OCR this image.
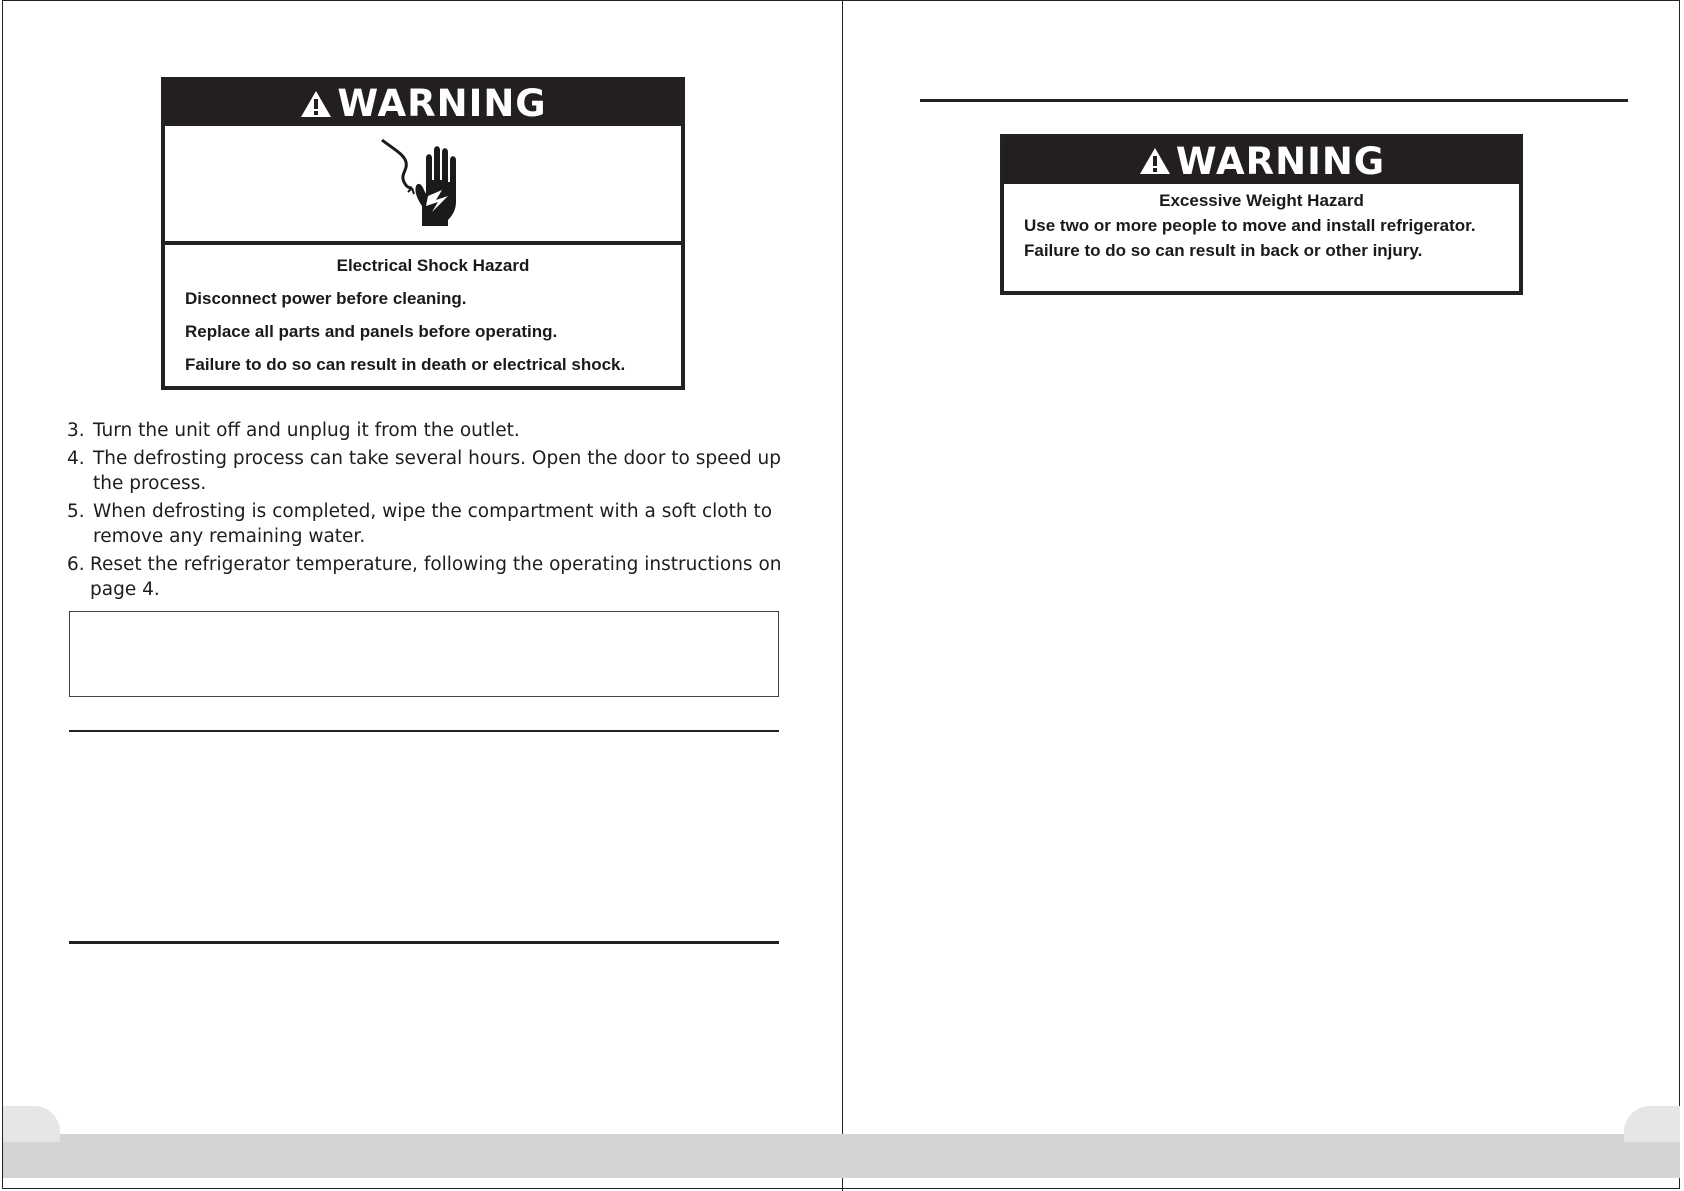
WARNING
Electrical Shock Hazard
Disconnect power before cleaning.
Replace all parts and panels before operating.
Failure to do so can result in death or electrical shock.
3. Turn the unit off and unplug it from the outlet.
4. The defrosting process can take several hours. Open the door to speed up the process.
5. When defrosting is completed, wipe the compartment with a soft cloth to remove any remaining water.
6. Reset the refrigerator temperature, following the operating instructions on page 4.
WARNING
Excessive Weight Hazard
Use two or more people to move and install refrigerator.
Failure to do so can result in back or other injury.
